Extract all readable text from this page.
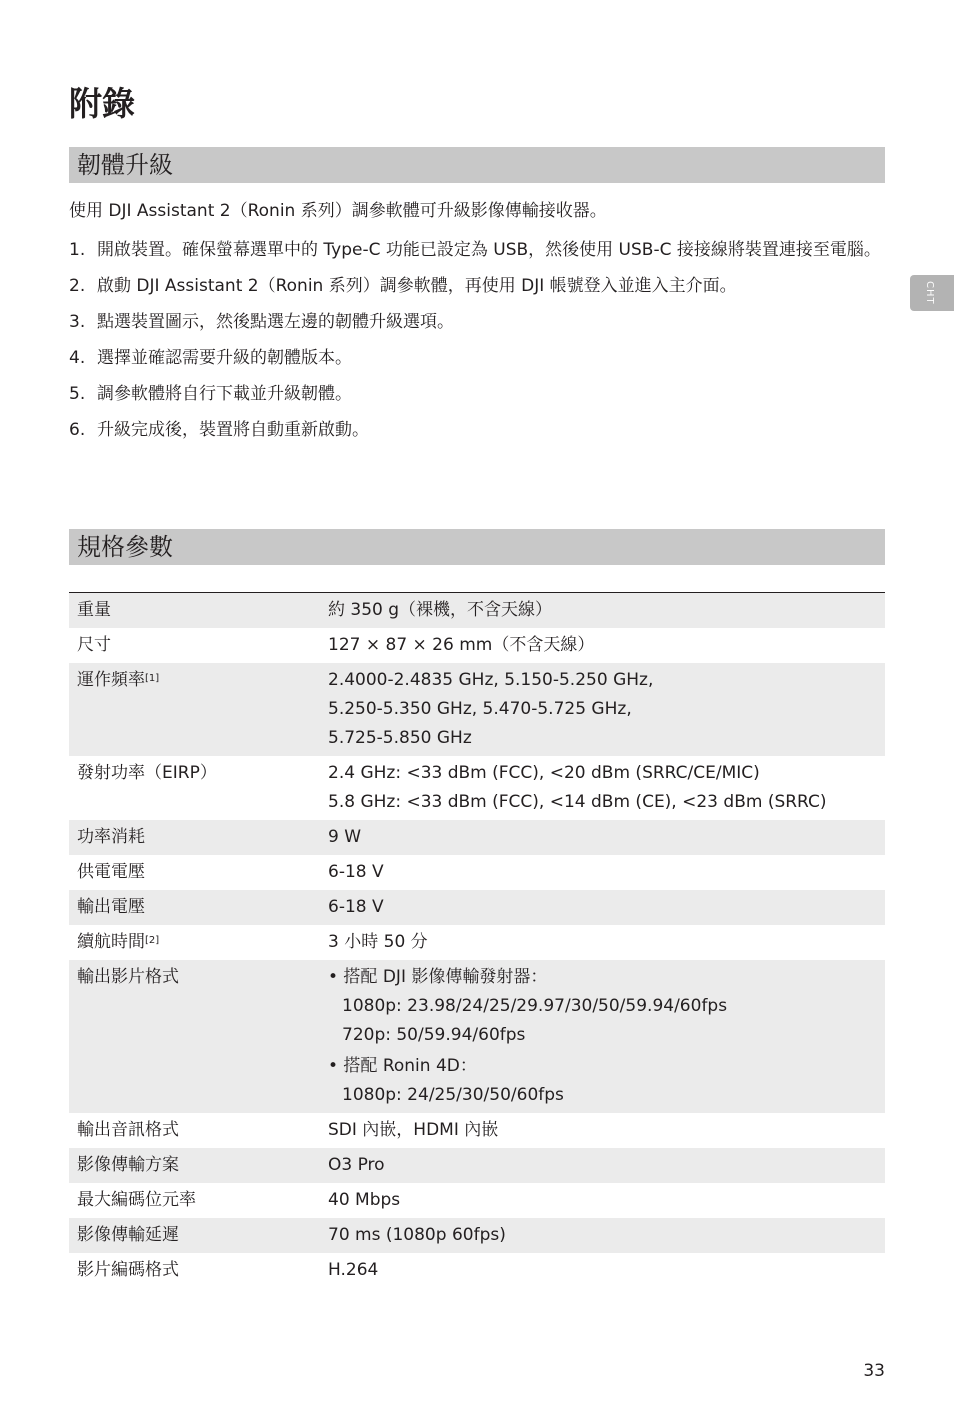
附錄
韌體升級
使用 DJI Assistant 2（Ronin 系列）調參軟體可升級影像傳輸接收器。
1. 開啟裝置。確保螢幕選單中的 Type-C 功能已設定為 USB，然後使用 USB-C 接接線將裝置連接至電腦。
2. 啟動 DJI Assistant 2（Ronin 系列）調參軟體，再使用 DJI 帳號登入並進入主介面。
3. 點選裝置圖示，然後點選左邊的韌體升級選項。
4. 選擇並確認需要升級的韌體版本。
5. 調參軟體將自行下載並升級韌體。
6. 升級完成後，裝置將自動重新啟動。
規格參數
重量	約 350 g（裸機，不含天線）

尺寸	127 × 87 × 26 mm（不含天線）

運作頻率[1]	2.4000-2.4835 GHz, 5.150-5.250 GHz,
5.250-5.350 GHz, 5.470-5.725 GHz,
5.725-5.850 GHz

發射功率（EIRP）	2.4 GHz: <33 dBm (FCC), <20 dBm (SRRC/CE/MIC)
5.8 GHz: <33 dBm (FCC), <14 dBm (CE), <23 dBm (SRRC)

功率消耗	9 W

供電電壓	6-18 V

輸出電壓	6-18 V

續航時間[2]	3 小時 50 分

輸出影片格式	• 搭配 DJI 影像傳輸發射器：
1080p: 23.98/24/25/29.97/30/50/59.94/60fps
720p: 50/59.94/60fps
• 搭配 Ronin 4D：
1080p: 24/25/30/50/60fps

輸出音訊格式	SDI 內嵌，HDMI 內嵌

影像傳輸方案	O3 Pro

最大編碼位元率	40 Mbps

影像傳輸延遲	70 ms (1080p 60fps)

影片編碼格式	H.264
CHT
33
